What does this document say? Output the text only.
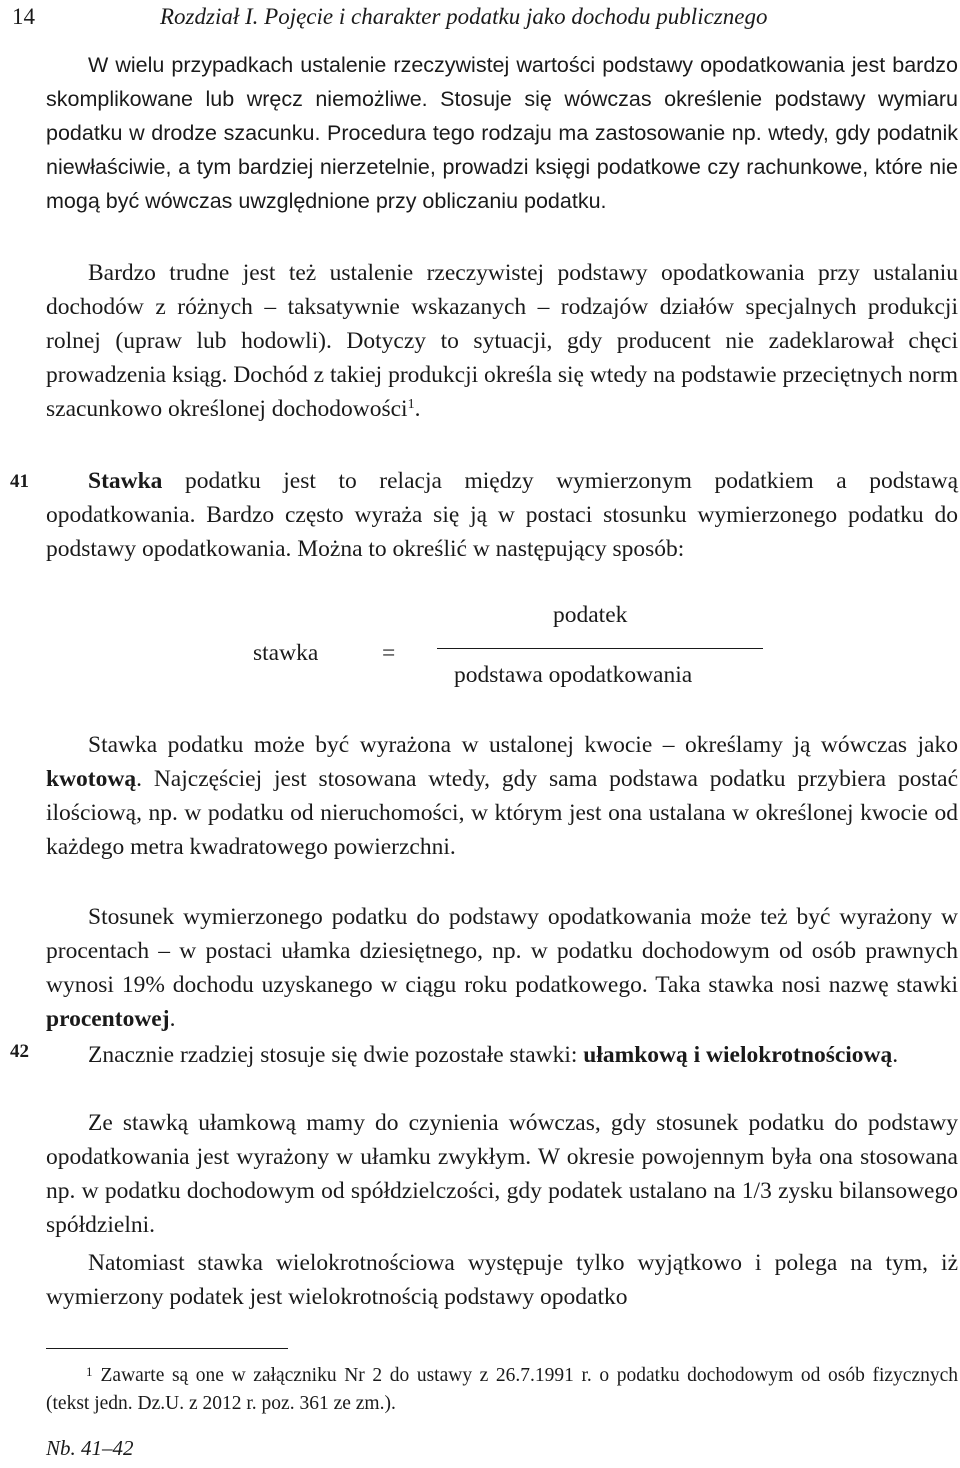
14	Rozdział I. Pojęcie i charakter podatku jako dochodu publicznego

W wielu przypadkach ustalenie rzeczywistej wartości podstawy opodatkowania jest bardzo skomplikowane lub wręcz niemożliwe. Stosuje się wówczas określenie podstawy wymiaru podatku w drodze szacunku. Procedura tego rodzaju ma zastosowanie np. wtedy, gdy podatnik niewłaściwie, a tym bardziej nierzetelnie, prowadzi księgi podatkowe czy rachunkowe, które nie mogą być wówczas uwzględnione przy obliczaniu podatku.

Bardzo trudne jest też ustalenie rzeczywistej podstawy opodatkowania przy ustalaniu dochodów z różnych – taksatywnie wskazanych – rodzajów działów specjalnych produkcji rolnej (upraw lub hodowli). Dotyczy to sytuacji, gdy producent nie zadeklarował chęci prowadzenia ksiąg. Dochód z takiej produkcji określa się wtedy na podstawie przeciętnych norm szacunkowo określonej dochodowości$^1$.

41	Stawka podatku jest to relacja między wymierzonym podatkiem a podstawą opodatkowania. Bardzo często wyraża się ją w postaci stosunku wymierzonego podatku do podstawy opodatkowania. Można to określić w następujący sposób:

stawka	=
podatek
podstawa opodatkowania

Stawka podatku może być wyrażona w ustalonej kwocie – określamy ją wówczas jako kwotową. Najczęściej jest stosowana wtedy, gdy sama podstawa podatku przybiera postać ilościową, np. w podatku od nieruchomości, w którym jest ona ustalana w określonej kwocie od każdego metra kwadratowego powierzchni.

Stosunek wymierzonego podatku do podstawy opodatkowania może też być wyrażony w procentach – w postaci ułamka dziesiętnego, np. w podatku dochodowym od osób prawnych wynosi 19% dochodu uzyskanego w ciągu roku podatkowego. Taka stawka nosi nazwę stawki procentowej.

42	Znacznie rzadziej stosuje się dwie pozostałe stawki: ułamkową i wielokrotnościową.

Ze stawką ułamkową mamy do czynienia wówczas, gdy stosunek podatku do podstawy opodatkowania jest wyrażony w ułamku zwykłym. W okresie powojennym była ona stosowana np. w podatku dochodowym od spółdzielczości, gdy podatek ustalano na 1/3 zysku bilansowego spółdzielni.

Natomiast stawka wielokrotnościowa występuje tylko wyjątkowo i polega na tym, iż wymierzony podatek jest wielokrotnością podstawy opodatko

$^1$ Zawarte są one w załączniku Nr 2 do ustawy z 26.7.1991 r. o podatku dochodowym od osób fizycznych (tekst jedn. Dz.U. z 2012 r. poz. 361 ze zm.).
Nb. 41–42
